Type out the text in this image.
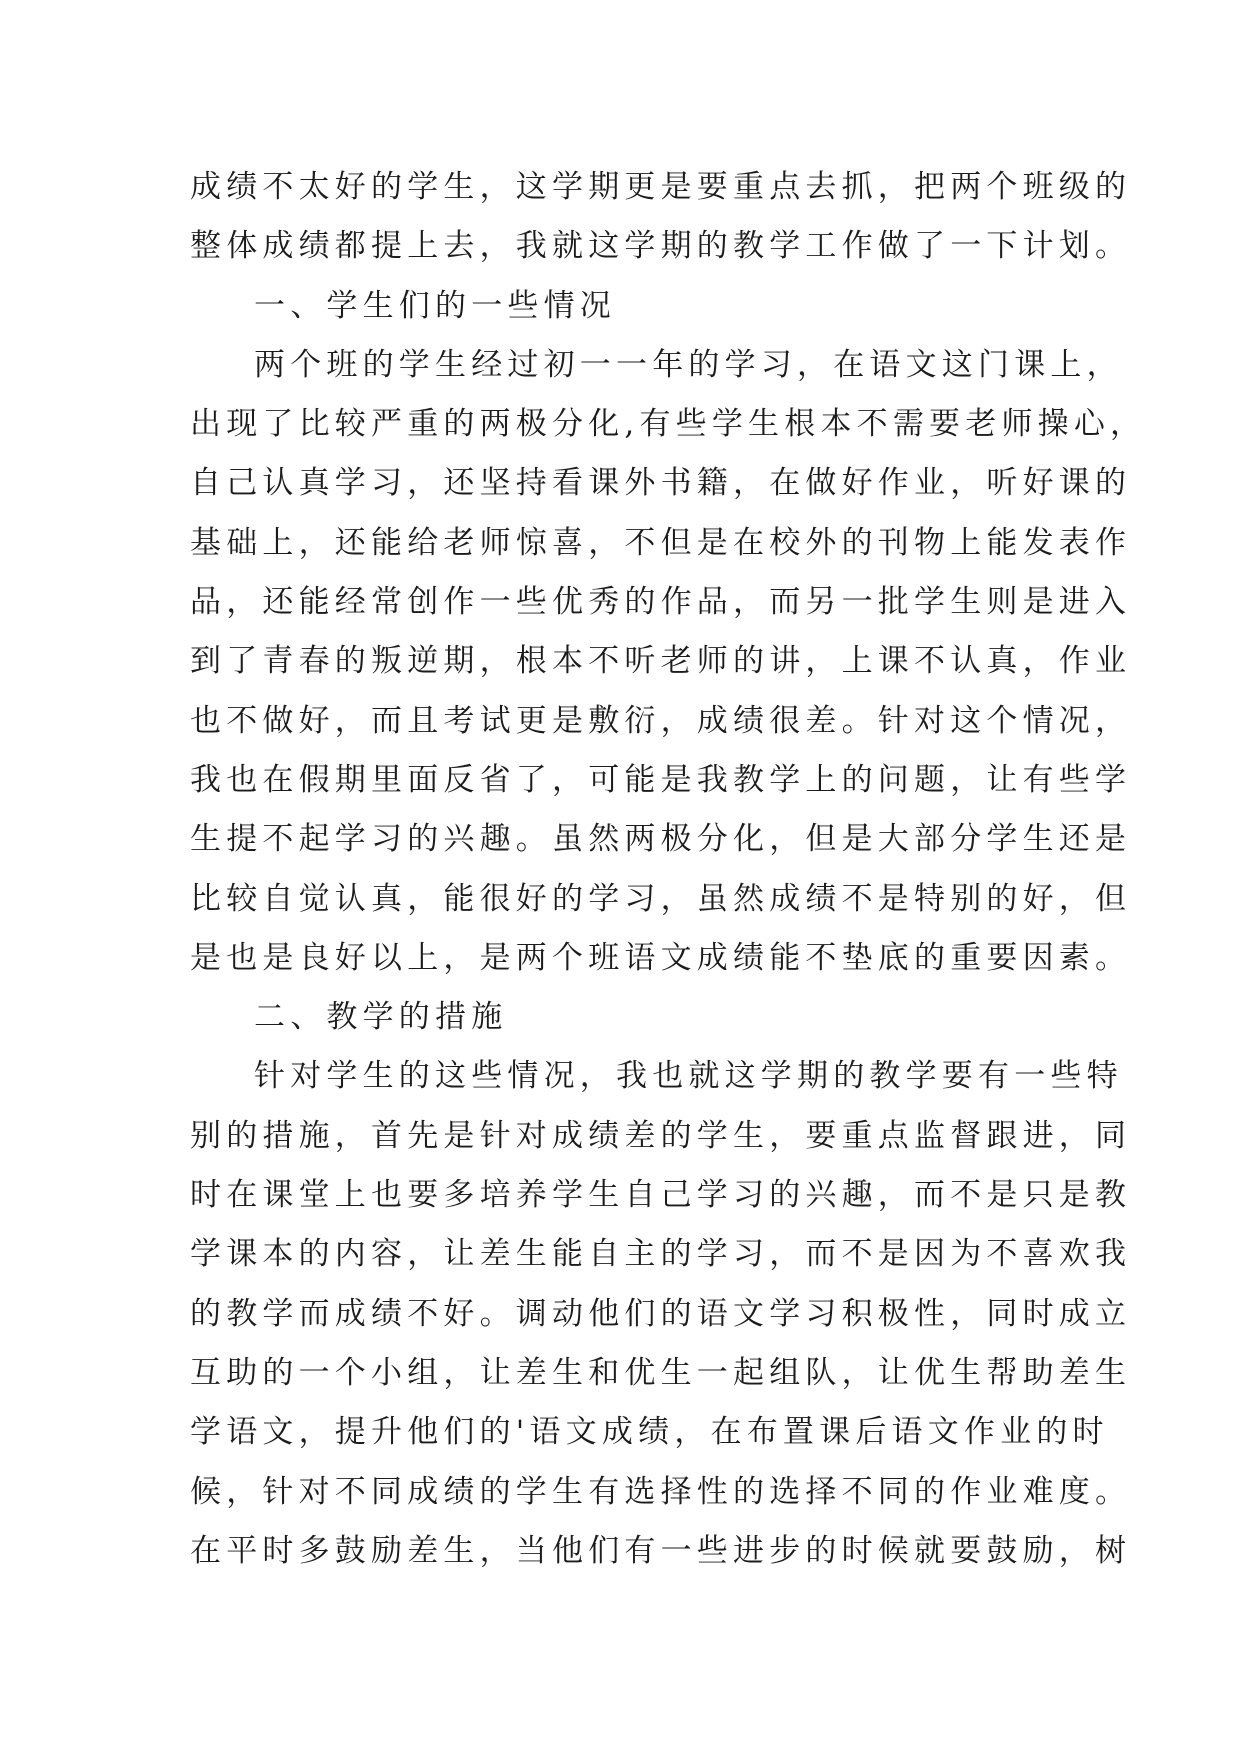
成绩不太好的学生，这学期更是要重点去抓，把两个班级的
整体成绩都提上去，我就这学期的教学工作做了一下计划。
一、学生们的一些情况
两个班的学生经过初一一年的学习，在语文这门课上，
出现了比较严重的两极分化,有些学生根本不需要老师操心，
自己认真学习，还坚持看课外书籍，在做好作业，听好课的
基础上，还能给老师惊喜，不但是在校外的刊物上能发表作
品，还能经常创作一些优秀的作品，而另一批学生则是进入
到了青春的叛逆期，根本不听老师的讲，上课不认真，作业
也不做好，而且考试更是敷衍，成绩很差。针对这个情况，
我也在假期里面反省了，可能是我教学上的问题，让有些学
生提不起学习的兴趣。虽然两极分化，但是大部分学生还是
比较自觉认真，能很好的学习，虽然成绩不是特别的好，但
是也是良好以上，是两个班语文成绩能不垫底的重要因素。
二、教学的措施
针对学生的这些情况，我也就这学期的教学要有一些特
别的措施，首先是针对成绩差的学生，要重点监督跟进，同
时在课堂上也要多培养学生自己学习的兴趣，而不是只是教
学课本的内容，让差生能自主的学习，而不是因为不喜欢我
的教学而成绩不好。调动他们的语文学习积极性，同时成立
互助的一个小组，让差生和优生一起组队，让优生帮助差生
学语文，提升他们的'语文成绩，在布置课后语文作业的时
候，针对不同成绩的学生有选择性的选择不同的作业难度。
在平时多鼓励差生，当他们有一些进步的时候就要鼓励，树
